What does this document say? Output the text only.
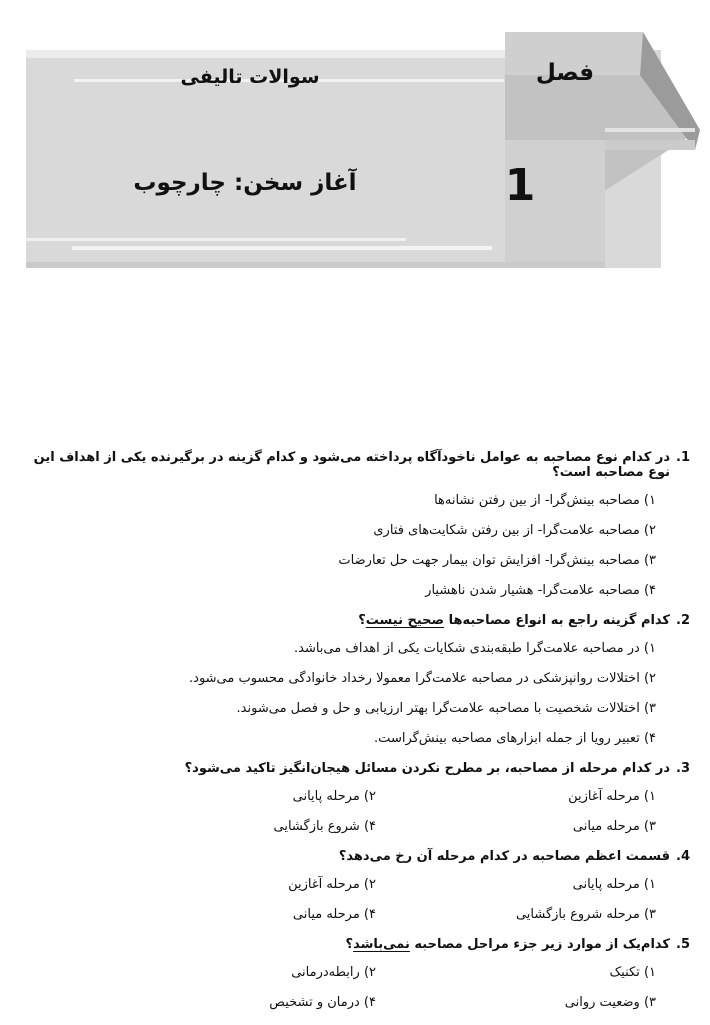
فصل
1
سوالات تالیفی
آغاز سخن: چارچوب
1.
در کدام نوع مصاحبه به عوامل ناخودآگاه پرداخته می‌شود و کدام گزینه در برگیرنده یکی از اهداف این نوع مصاحبه است؟
۱) مصاحبه بینش‌گرا- از بین رفتن نشانه‌ها
۲) مصاحبه علامت‌گرا- از بین رفتن شکایت‌های فتاری
۳) مصاحبه بینش‌گرا- افزایش توان بیمار جهت حل تعارضات
۴) مصاحبه علامت‌گرا- هشیار شدن ناهشیار
2.
کدام گزینه راجع به انواع مصاحبه‌ها صحیح نیست؟
۱) در مصاحبه علامت‌گرا طبقه‌بندی شکایات یکی از اهداف می‌باشد.
۲) اختلالات روانپزشکی در مصاحبه علامت‌گرا معمولا رخداد خانوادگی محسوب می‌شود.
۳) اختلالات شخصیت با مصاحبه علامت‌گرا بهتر ارزیابی و حل و فصل می‌شوند.
۴) تعبیر رویا از جمله ابزارهای مصاحبه بینش‌گراست.
3.
در کدام مرحله از مصاحبه، بر مطرح نکردن مسائل هیجان‌انگیز تاکید می‌شود؟
۱) مرحله آغازین
۲) مرحله پایانی
۳) مرحله میانی
۴) شروع بازگشایی
4.
قسمت اعظم مصاحبه در کدام مرحله آن رخ می‌دهد؟
۱) مرحله پایانی
۲) مرحله آغازین
۳) مرحله شروع بازگشایی
۴) مرحله میانی
5.
کدام‌یک از موارد زیر جزء مراحل مصاحبه نمی‌باشد؟
۱) تکنیک
۲) رابطه‌درمانی
۳) وضعیت روانی
۴) درمان و تشخیص
